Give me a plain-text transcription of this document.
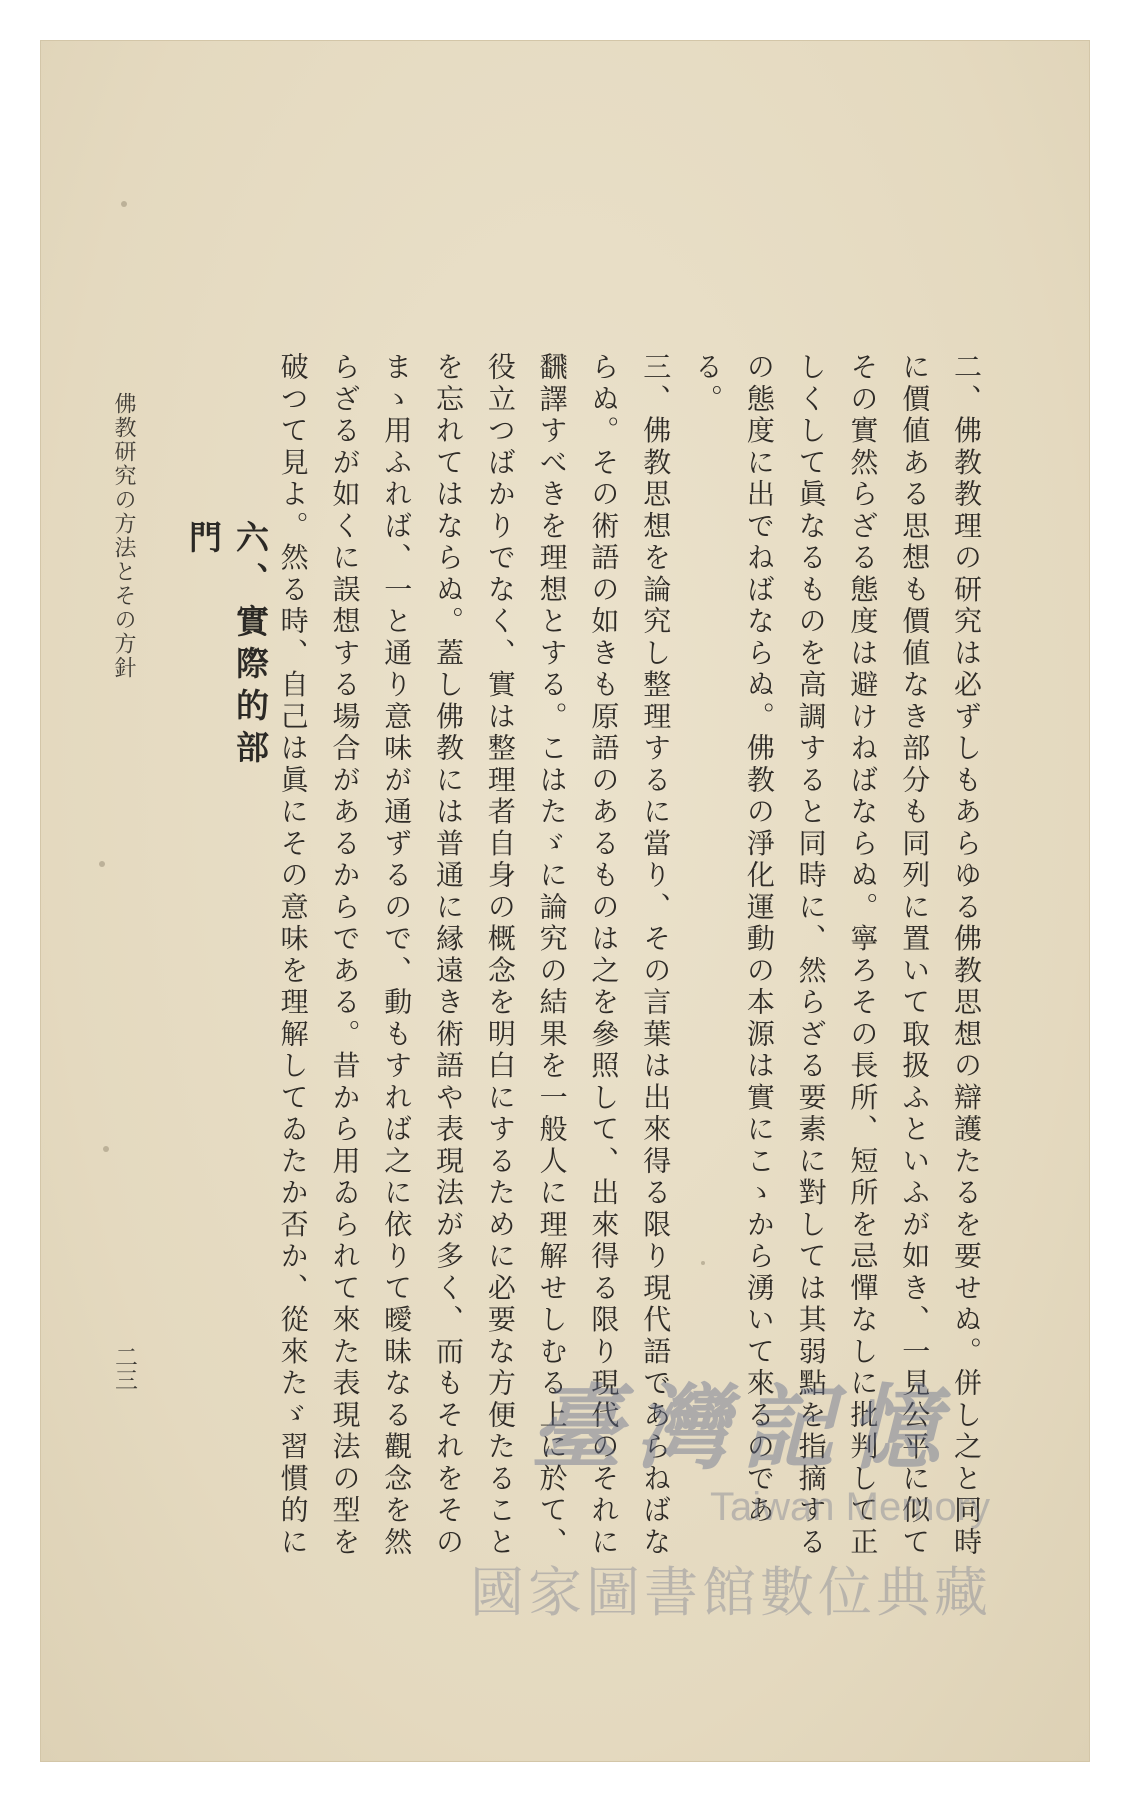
佛教研究の方法とその方針	六、實際的部門
二三	二、佛教教理の研究は必ずしもあらゆる佛教思想の辯護たるを要せぬ。併し之と同時に價値ある思想も價値なき部分も同列に置いて取扱ふといふが如き、一見公平に似てその實然らざる態度は避けねばならぬ。寧ろその長所、短所を忌憚なしに批判して正しくして眞なるものを高調すると同時に、然らざる要素に對しては其弱點を指摘するの態度に出でねばならぬ。佛教の淨化運動の本源は實にこゝから湧いて來るのである。

三、佛教思想を論究し整理するに當り、その言葉は出來得る限り現代語であらねばならぬ。その術語の如きも原語のあるものは之を參照して、出來得る限り現代のそれに飜譯すべきを理想とする。こはたゞに論究の結果を一般人に理解せしむる上に於て、役立つばかりでなく、實は整理者自身の概念を明白にするために必要な方便たることを忘れてはならぬ。蓋し佛教には普通に縁遠き術語や表現法が多く、而もそれをそのまゝ用ふれば、一と通り意味が通ずるので、動もすれば之に依りて曖昧なる觀念を然らざるが如くに誤想する場合があるからである。昔から用ゐられて來た表現法の型を破つて見よ。然る時、自己は眞にその意味を理解してゐたか否か、從來たゞ習慣的に

臺灣記憶
Taiwan Memory
國家圖書館數位典藏
